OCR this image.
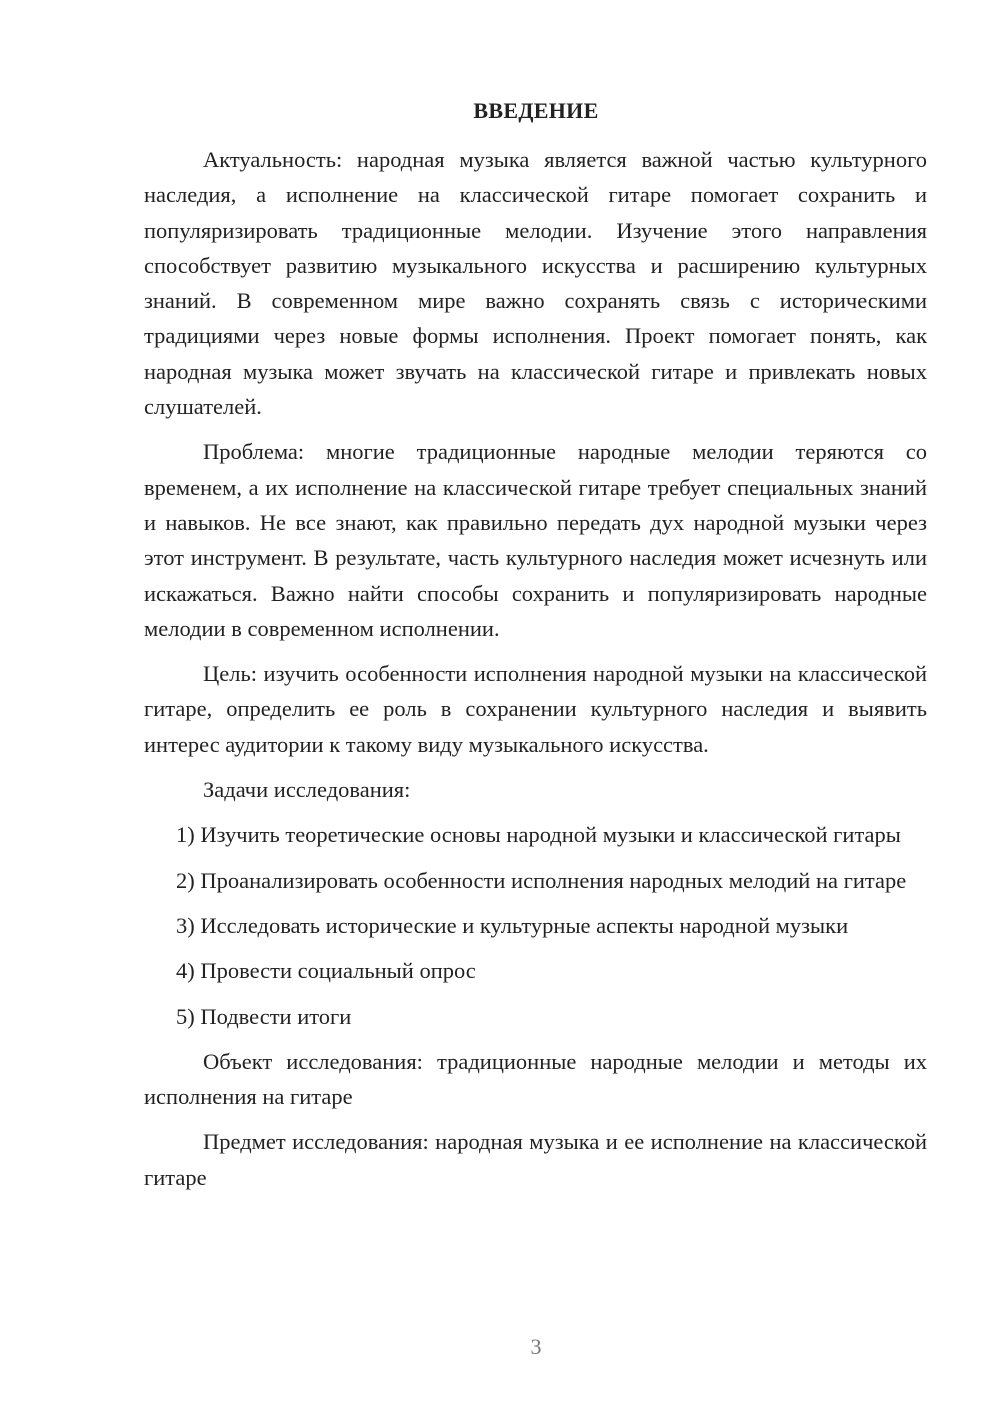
ВВЕДЕНИЕ

Актуальность: народная музыка является важной частью культурного наследия, а исполнение на классической гитаре помогает сохранить и популяризировать традиционные мелодии. Изучение этого направления способствует развитию музыкального искусства и расширению культурных знаний. В современном мире важно сохранять связь с историческими традициями через новые формы исполнения. Проект помогает понять, как народная музыка может звучать на классической гитаре и привлекать новых слушателей.

Проблема: многие традиционные народные мелодии теряются со временем, а их исполнение на классической гитаре требует специальных знаний и навыков. Не все знают, как правильно передать дух народной музыки через этот инструмент. В результате, часть культурного наследия может исчезнуть или искажаться. Важно найти способы сохранить и популяризировать народные мелодии в современном исполнении.

Цель: изучить особенности исполнения народной музыки на классической гитаре, определить ее роль в сохранении культурного наследия и выявить интерес аудитории к такому виду музыкального искусства.

Задачи исследования:

1) Изучить теоретические основы народной музыки и классической гитары

2) Проанализировать особенности исполнения народных мелодий на гитаре

3) Исследовать исторические и культурные аспекты народной музыки

4) Провести социальный опрос

5) Подвести итоги

Объект исследования: традиционные народные мелодии и методы их исполнения на гитаре

Предмет исследования: народная музыка и ее исполнение на классической гитаре

3
